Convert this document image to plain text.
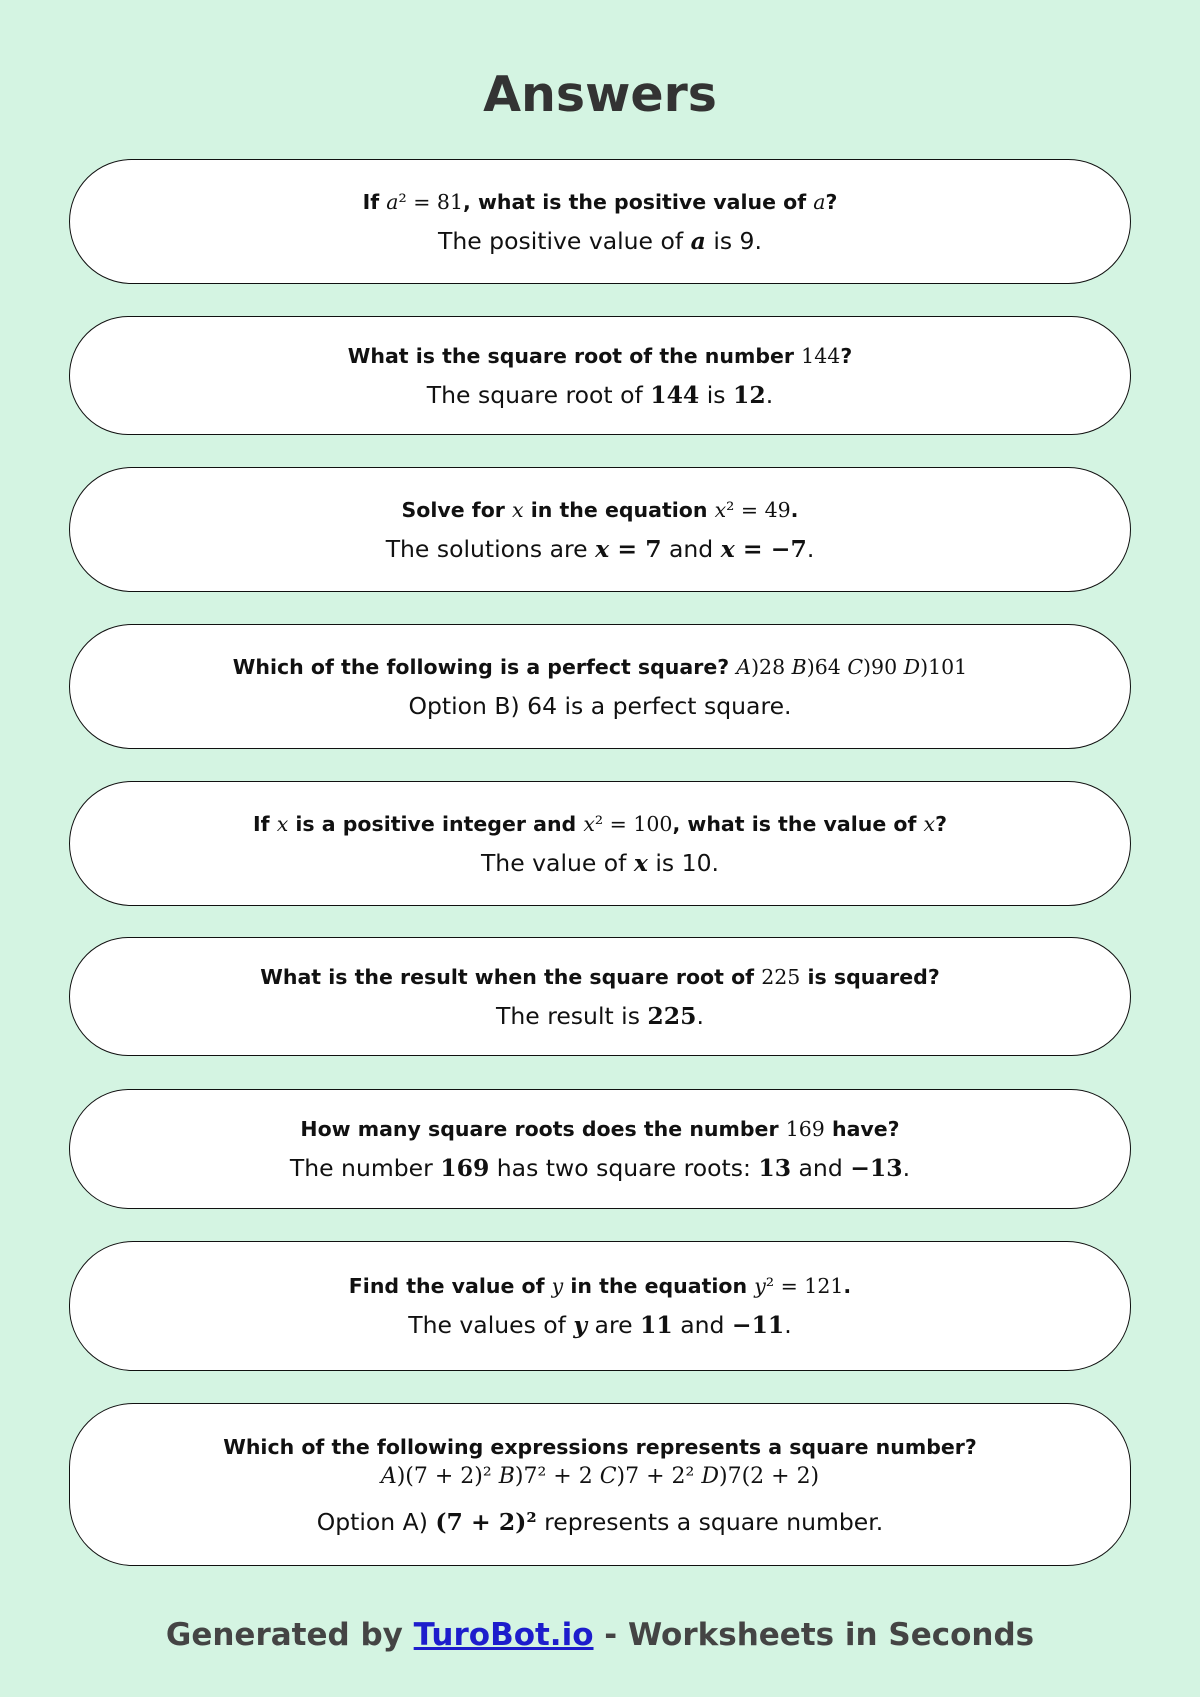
Answers
If a² = 81, what is the positive value of a?
The positive value of a is 9.
What is the square root of the number 144?
The square root of 144 is 12.
Solve for x in the equation x² = 49.
The solutions are x = 7 and x = −7.
Which of the following is a perfect square? A)28 B)64 C)90 D)101
Option B) 64 is a perfect square.
If x is a positive integer and x² = 100, what is the value of x?
The value of x is 10.
What is the result when the square root of 225 is squared?
The result is 225.
How many square roots does the number 169 have?
The number 169 has two square roots: 13 and −13.
Find the value of y in the equation y² = 121.
The values of y are 11 and −11.
Which of the following expressions represents a square number?
A)(7 + 2)² B)7² + 2 C)7 + 2² D)7(2 + 2)
Option A) (7 + 2)² represents a square number.
Generated by TuroBot.io - Worksheets in Seconds
